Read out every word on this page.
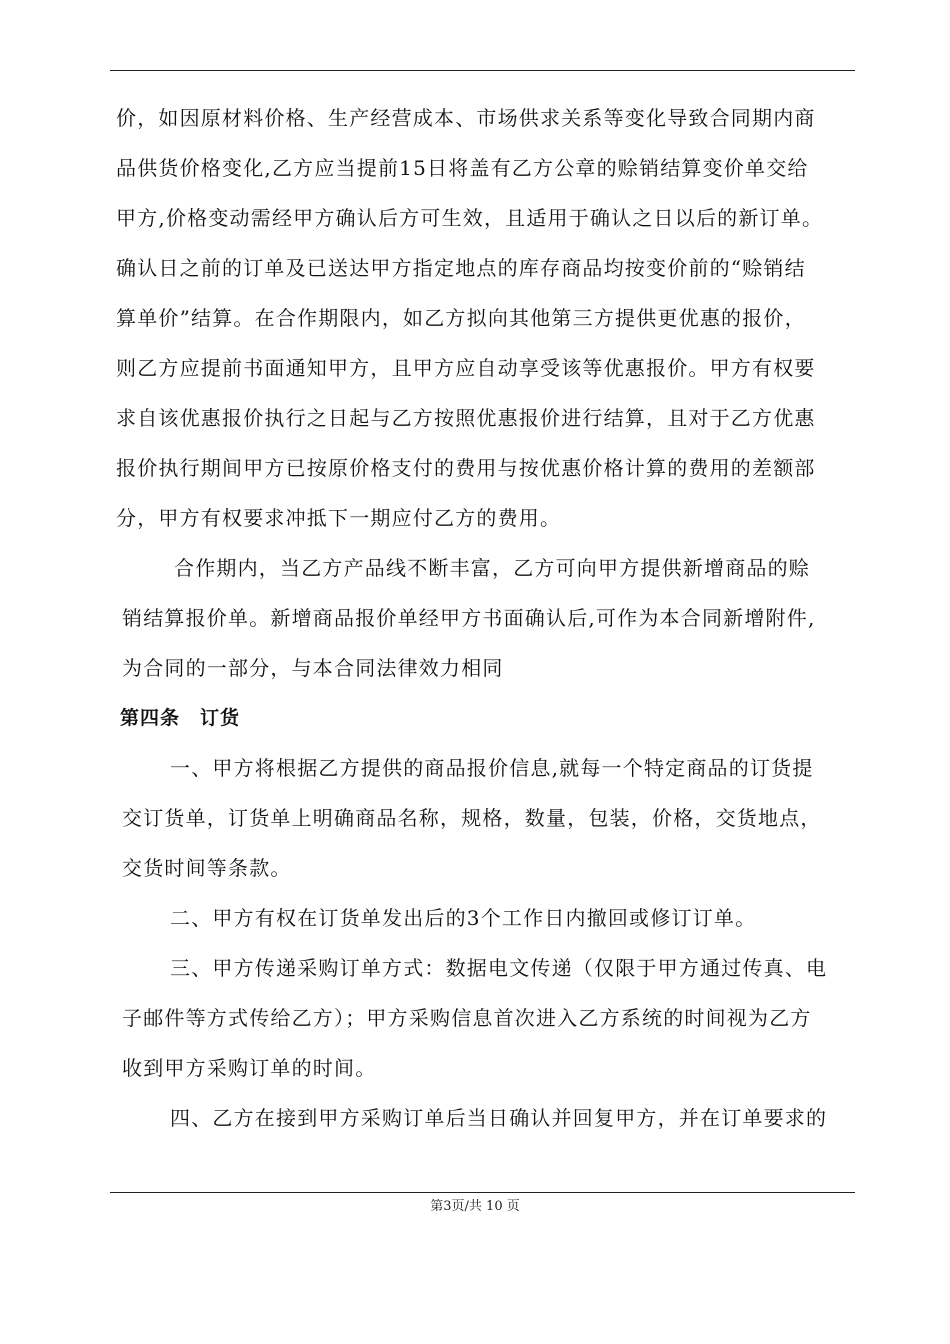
价，如因原材料价格、生产经营成本、市场供求关系等变化导致合同期内商
品供货价格变化,乙方应当提前15日将盖有乙方公章的赊销结算变价单交给
甲方,价格变动需经甲方确认后方可生效，且适用于确认之日以后的新订单。
确认日之前的订单及已送达甲方指定地点的库存商品均按变价前的“赊销结
算单价”结算。在合作期限内，如乙方拟向其他第三方提供更优惠的报价，
则乙方应提前书面通知甲方，且甲方应自动享受该等优惠报价。甲方有权要
求自该优惠报价执行之日起与乙方按照优惠报价进行结算，且对于乙方优惠
报价执行期间甲方已按原价格支付的费用与按优惠价格计算的费用的差额部
分，甲方有权要求冲抵下一期应付乙方的费用。
合作期内，当乙方产品线不断丰富，乙方可向甲方提供新增商品的赊
销结算报价单。新增商品报价单经甲方书面确认后,可作为本合同新增附件,
为合同的一部分，与本合同法律效力相同
第四条　订货
一、甲方将根据乙方提供的商品报价信息,就每一个特定商品的订货提
交订货单，订货单上明确商品名称，规格，数量，包装，价格，交货地点，
交货时间等条款。
二、甲方有权在订货单发出后的3个工作日内撤回或修订订单。
三、甲方传递采购订单方式：数据电文传递（仅限于甲方通过传真、电
子邮件等方式传给乙方）；甲方采购信息首次进入乙方系统的时间视为乙方
收到甲方采购订单的时间。
四、乙方在接到甲方采购订单后当日确认并回复甲方，并在订单要求的
第3页/共 10 页
